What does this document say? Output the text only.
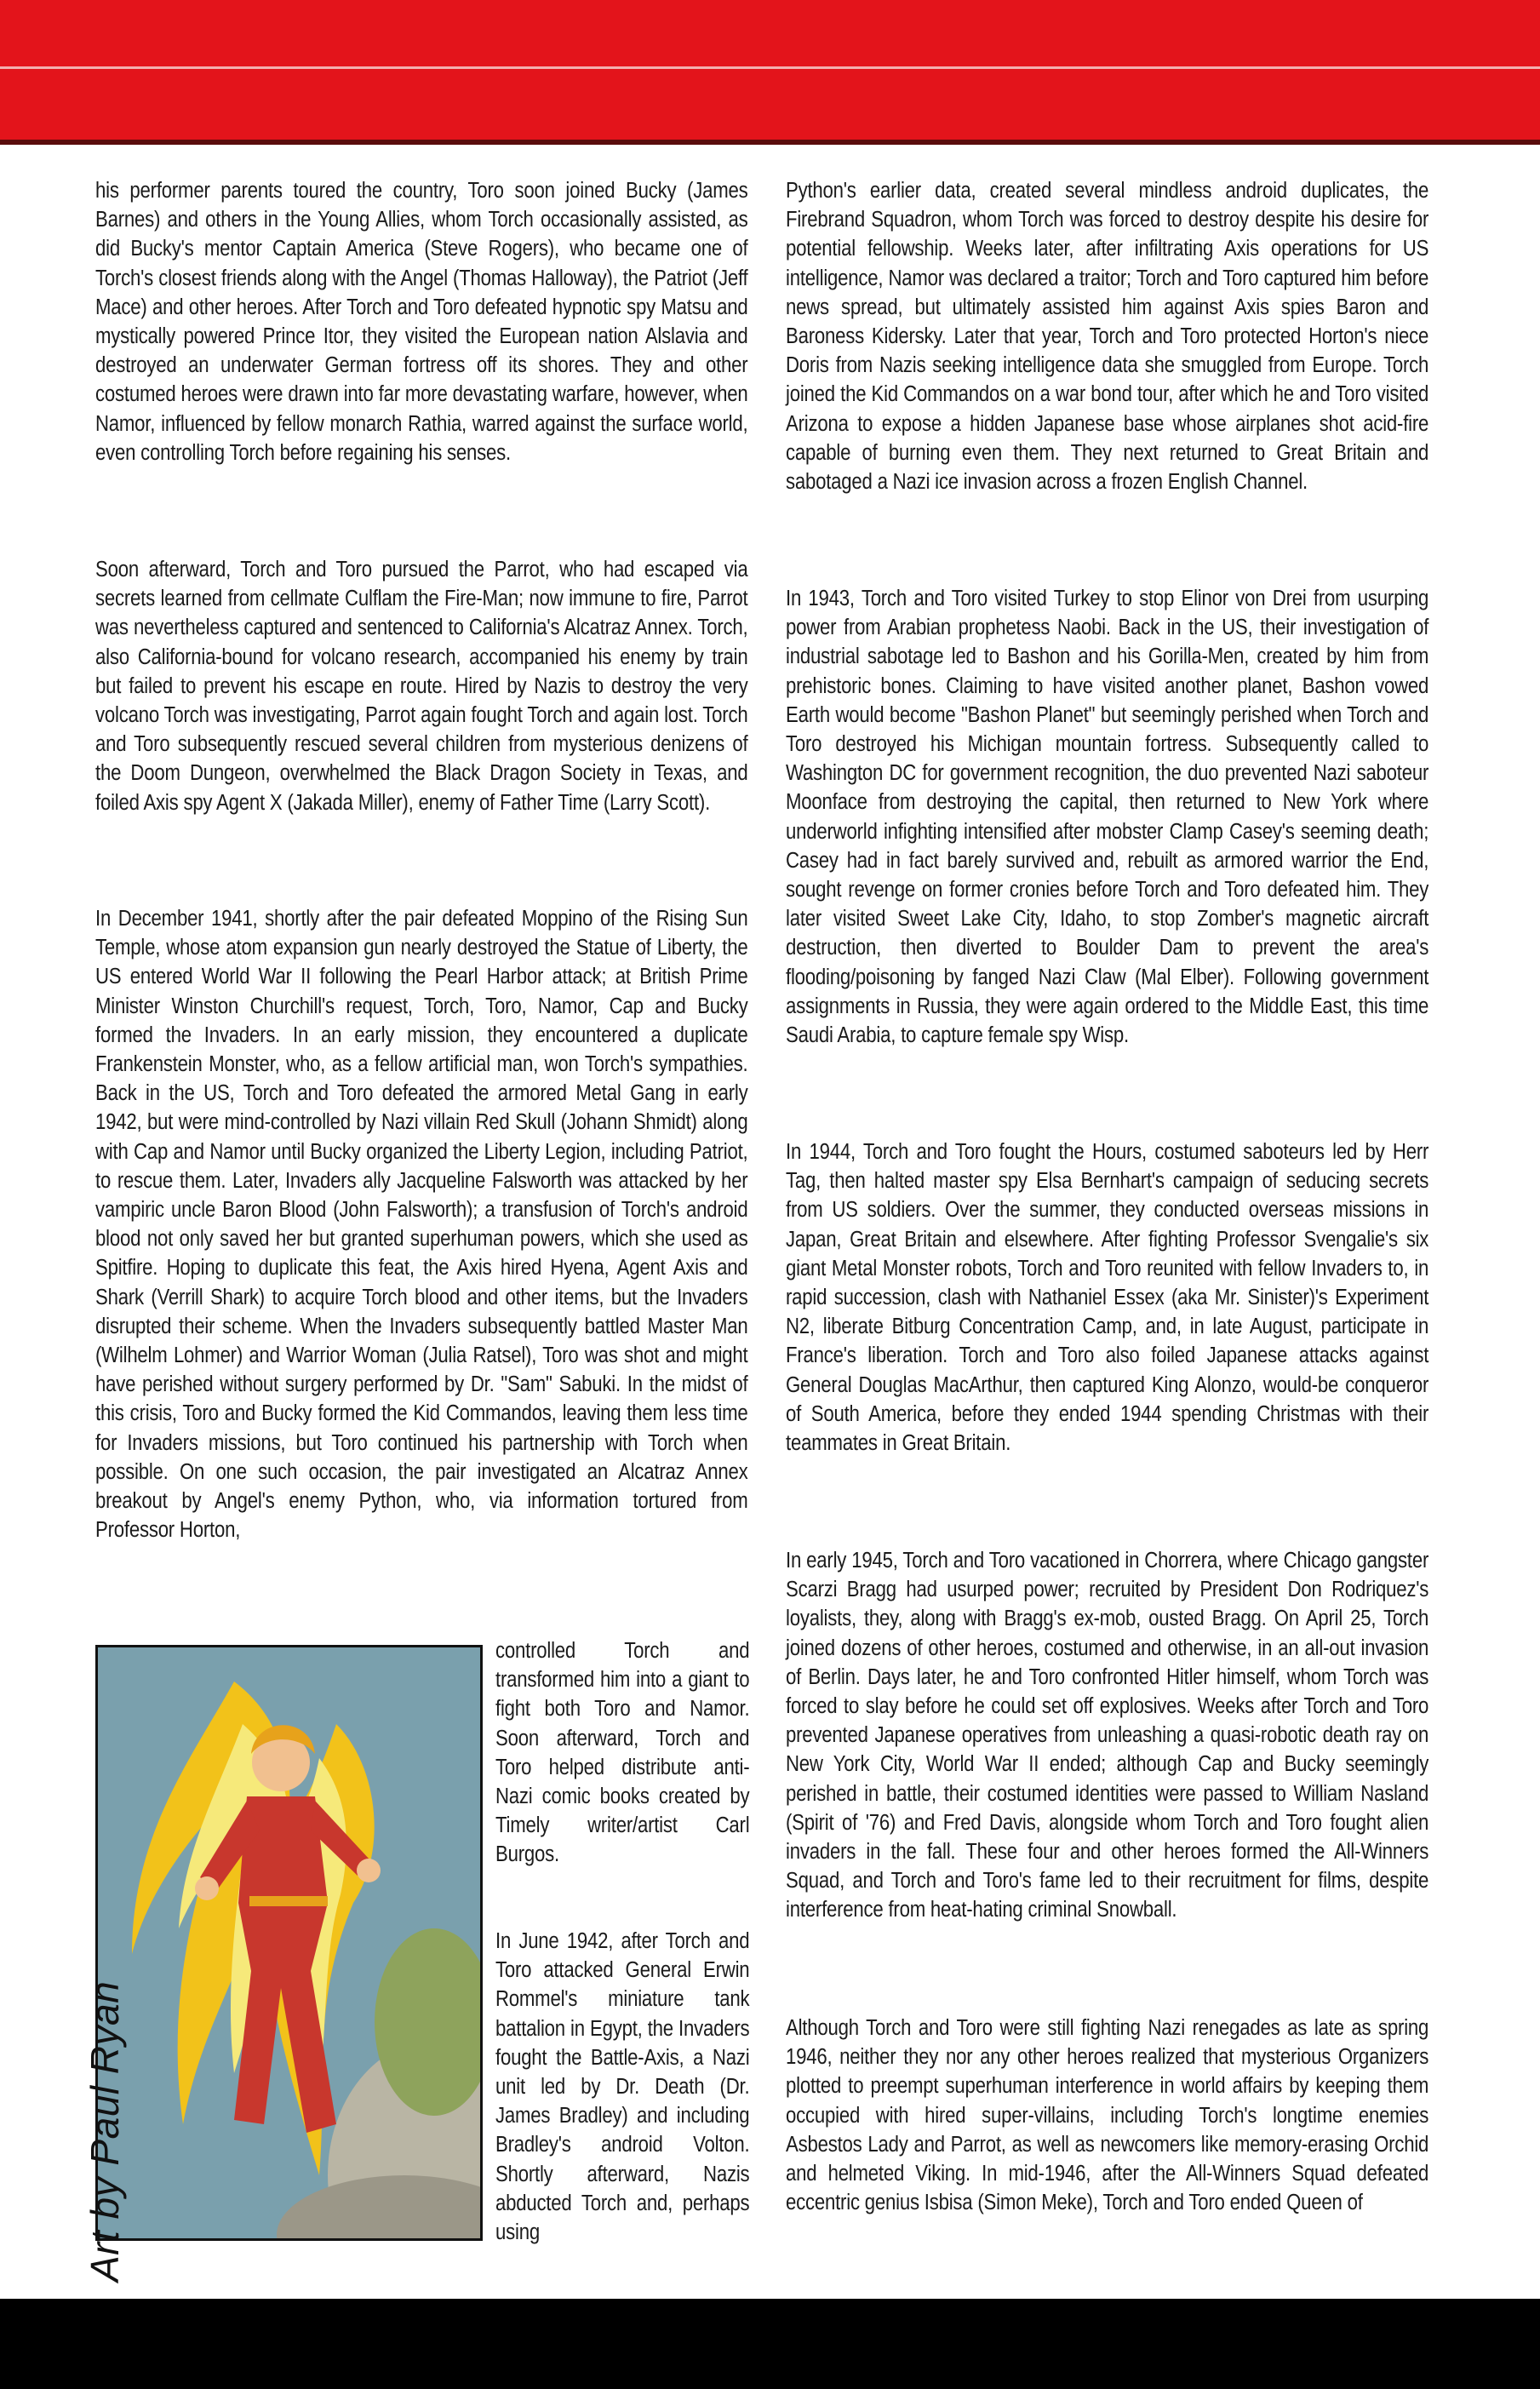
his performer parents toured the country, Toro soon joined Bucky (James Barnes) and others in the Young Allies, whom Torch occasionally assisted, as did Bucky's mentor Captain America (Steve Rogers), who became one of Torch's closest friends along with the Angel (Thomas Halloway), the Patriot (Jeff Mace) and other heroes. After Torch and Toro defeated hypnotic spy Matsu and mystically powered Prince Itor, they visited the European nation Alslavia and destroyed an underwater German fortress off its shores. They and other costumed heroes were drawn into far more devastating warfare, however, when Namor, influenced by fellow monarch Rathia, warred against the surface world, even controlling Torch before regaining his senses.

Soon afterward, Torch and Toro pursued the Parrot, who had escaped via secrets learned from cellmate Culflam the Fire-Man; now immune to fire, Parrot was nevertheless captured and sentenced to California's Alcatraz Annex. Torch, also California-bound for volcano research, accompanied his enemy by train but failed to prevent his escape en route. Hired by Nazis to destroy the very volcano Torch was investigating, Parrot again fought Torch and again lost. Torch and Toro subsequently rescued several children from mysterious denizens of the Doom Dungeon, overwhelmed the Black Dragon Society in Texas, and foiled Axis spy Agent X (Jakada Miller), enemy of Father Time (Larry Scott).

In December 1941, shortly after the pair defeated Moppino of the Rising Sun Temple, whose atom expansion gun nearly destroyed the Statue of Liberty, the US entered World War II following the Pearl Harbor attack; at British Prime Minister Winston Churchill's request, Torch, Toro, Namor, Cap and Bucky formed the Invaders. In an early mission, they encountered a duplicate Frankenstein Monster, who, as a fellow artificial man, won Torch's sympathies. Back in the US, Torch and Toro defeated the armored Metal Gang in early 1942, but were mind-controlled by Nazi villain Red Skull (Johann Shmidt) along with Cap and Namor until Bucky organized the Liberty Legion, including Patriot, to rescue them. Later, Invaders ally Jacqueline Falsworth was attacked by her vampiric uncle Baron Blood (John Falsworth); a transfusion of Torch's android blood not only saved her but granted superhuman powers, which she used as Spitfire. Hoping to duplicate this feat, the Axis hired Hyena, Agent Axis and Shark (Verrill Shark) to acquire Torch blood and other items, but the Invaders disrupted their scheme. When the Invaders subsequently battled Master Man (Wilhelm Lohmer) and Warrior Woman (Julia Ratsel), Toro was shot and might have perished without surgery performed by Dr. "Sam" Sabuki. In the midst of this crisis, Toro and Bucky formed the Kid Commandos, leaving them less time for Invaders missions, but Toro continued his partnership with Torch when possible. On one such occasion, the pair investigated an Alcatraz Annex breakout by Angel's enemy Python, who, via information tortured from Professor Horton,

controlled Torch and transformed him into a giant to fight both Toro and Namor. Soon afterward, Torch and Toro helped distribute anti-Nazi comic books created by Timely writer/artist Carl Burgos.

In June 1942, after Torch and Toro attacked General Erwin Rommel's miniature tank battalion in Egypt, the Invaders fought the Battle-Axis, a Nazi unit led by Dr. Death (Dr. James Bradley) and including Bradley's android Volton. Shortly afterward, Nazis abducted Torch and, perhaps using

Art by Paul Ryan

Python's earlier data, created several mindless android duplicates, the Firebrand Squadron, whom Torch was forced to destroy despite his desire for potential fellowship. Weeks later, after infiltrating Axis operations for US intelligence, Namor was declared a traitor; Torch and Toro captured him before news spread, but ultimately assisted him against Axis spies Baron and Baroness Kidersky. Later that year, Torch and Toro protected Horton's niece Doris from Nazis seeking intelligence data she smuggled from Europe. Torch joined the Kid Commandos on a war bond tour, after which he and Toro visited Arizona to expose a hidden Japanese base whose airplanes shot acid-fire capable of burning even them. They next returned to Great Britain and sabotaged a Nazi ice invasion across a frozen English Channel.

In 1943, Torch and Toro visited Turkey to stop Elinor von Drei from usurping power from Arabian prophetess Naobi. Back in the US, their investigation of industrial sabotage led to Bashon and his Gorilla-Men, created by him from prehistoric bones. Claiming to have visited another planet, Bashon vowed Earth would become "Bashon Planet" but seemingly perished when Torch and Toro destroyed his Michigan mountain fortress. Subsequently called to Washington DC for government recognition, the duo prevented Nazi saboteur Moonface from destroying the capital, then returned to New York where underworld infighting intensified after mobster Clamp Casey's seeming death; Casey had in fact barely survived and, rebuilt as armored warrior the End, sought revenge on former cronies before Torch and Toro defeated him. They later visited Sweet Lake City, Idaho, to stop Zomber's magnetic aircraft destruction, then diverted to Boulder Dam to prevent the area's flooding/poisoning by fanged Nazi Claw (Mal Elber). Following government assignments in Russia, they were again ordered to the Middle East, this time Saudi Arabia, to capture female spy Wisp.

In 1944, Torch and Toro fought the Hours, costumed saboteurs led by Herr Tag, then halted master spy Elsa Bernhart's campaign of seducing secrets from US soldiers. Over the summer, they conducted overseas missions in Japan, Great Britain and elsewhere. After fighting Professor Svengalie's six giant Metal Monster robots, Torch and Toro reunited with fellow Invaders to, in rapid succession, clash with Nathaniel Essex (aka Mr. Sinister)'s Experiment N2, liberate Bitburg Concentration Camp, and, in late August, participate in France's liberation. Torch and Toro also foiled Japanese attacks against General Douglas MacArthur, then captured King Alonzo, would-be conqueror of South America, before they ended 1944 spending Christmas with their teammates in Great Britain.

In early 1945, Torch and Toro vacationed in Chorrera, where Chicago gangster Scarzi Bragg had usurped power; recruited by President Don Rodriquez's loyalists, they, along with Bragg's ex-mob, ousted Bragg. On April 25, Torch joined dozens of other heroes, costumed and otherwise, in an all-out invasion of Berlin. Days later, he and Toro confronted Hitler himself, whom Torch was forced to slay before he could set off explosives. Weeks after Torch and Toro prevented Japanese operatives from unleashing a quasi-robotic death ray on New York City, World War II ended; although Cap and Bucky seemingly perished in battle, their costumed identities were passed to William Nasland (Spirit of '76) and Fred Davis, alongside whom Torch and Toro fought alien invaders in the fall. These four and other heroes formed the All-Winners Squad, and Torch and Toro's fame led to their recruitment for films, despite interference from heat-hating criminal Snowball.

Although Torch and Toro were still fighting Nazi renegades as late as spring 1946, neither they nor any other heroes realized that mysterious Organizers plotted to preempt superhuman interference in world affairs by keeping them occupied with hired super-villains, including Torch's longtime enemies Asbestos Lady and Parrot, as well as newcomers like memory-erasing Orchid and helmeted Viking. In mid-1946, after the All-Winners Squad defeated eccentric genius Isbisa (Simon Meke), Torch and Toro ended Queen of
